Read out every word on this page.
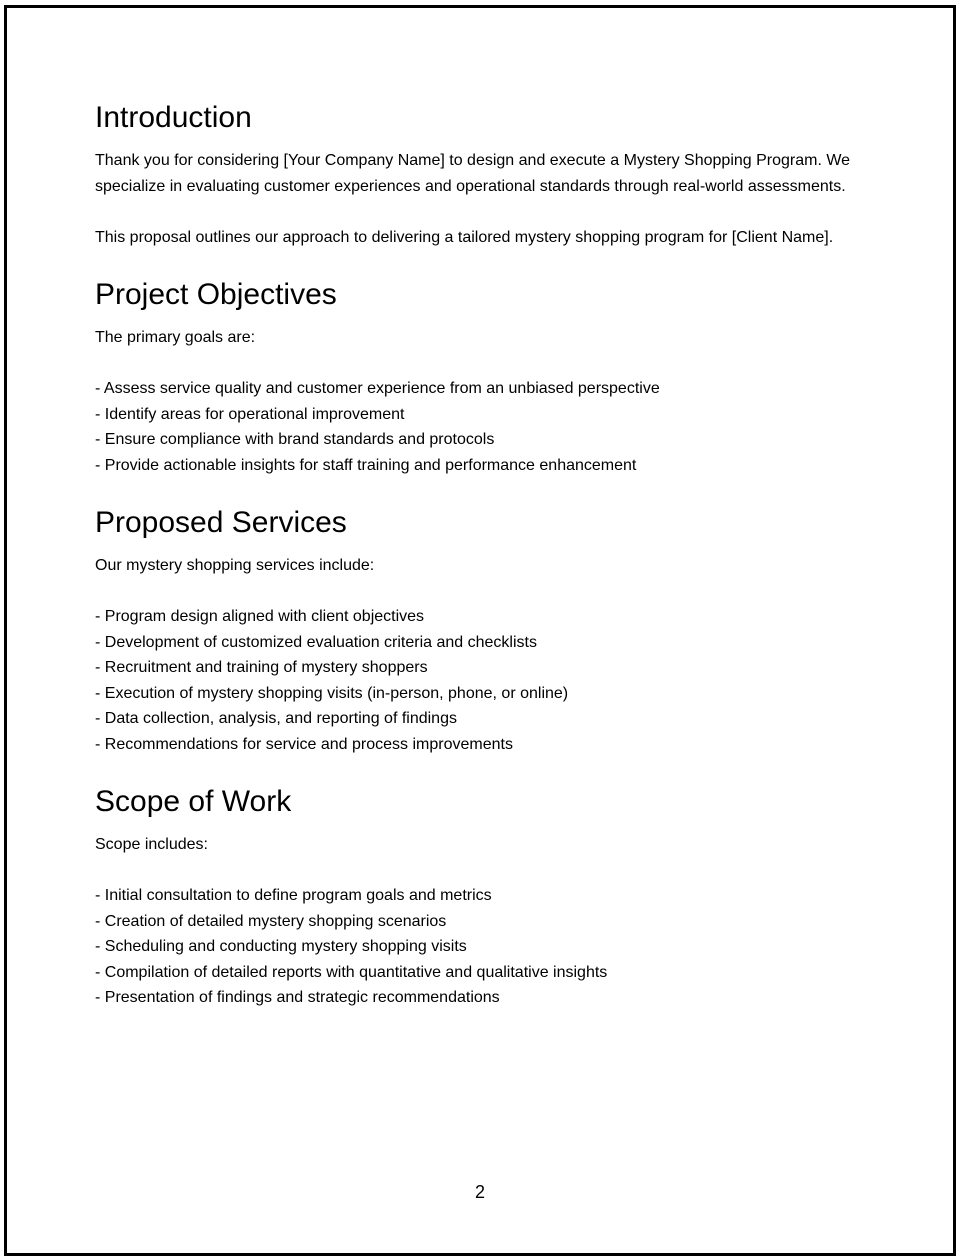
Introduction

Thank you for considering [Your Company Name] to design and execute a Mystery Shopping Program. We specialize in evaluating customer experiences and operational standards through real-world assessments.

This proposal outlines our approach to delivering a tailored mystery shopping program for [Client Name].

Project Objectives

The primary goals are:

- Assess service quality and customer experience from an unbiased perspective

- Identify areas for operational improvement

- Ensure compliance with brand standards and protocols

- Provide actionable insights for staff training and performance enhancement

Proposed Services

Our mystery shopping services include:

- Program design aligned with client objectives

- Development of customized evaluation criteria and checklists

- Recruitment and training of mystery shoppers

- Execution of mystery shopping visits (in-person, phone, or online)

- Data collection, analysis, and reporting of findings

- Recommendations for service and process improvements

Scope of Work

Scope includes:

- Initial consultation to define program goals and metrics

- Creation of detailed mystery shopping scenarios

- Scheduling and conducting mystery shopping visits

- Compilation of detailed reports with quantitative and qualitative insights

- Presentation of findings and strategic recommendations

2
